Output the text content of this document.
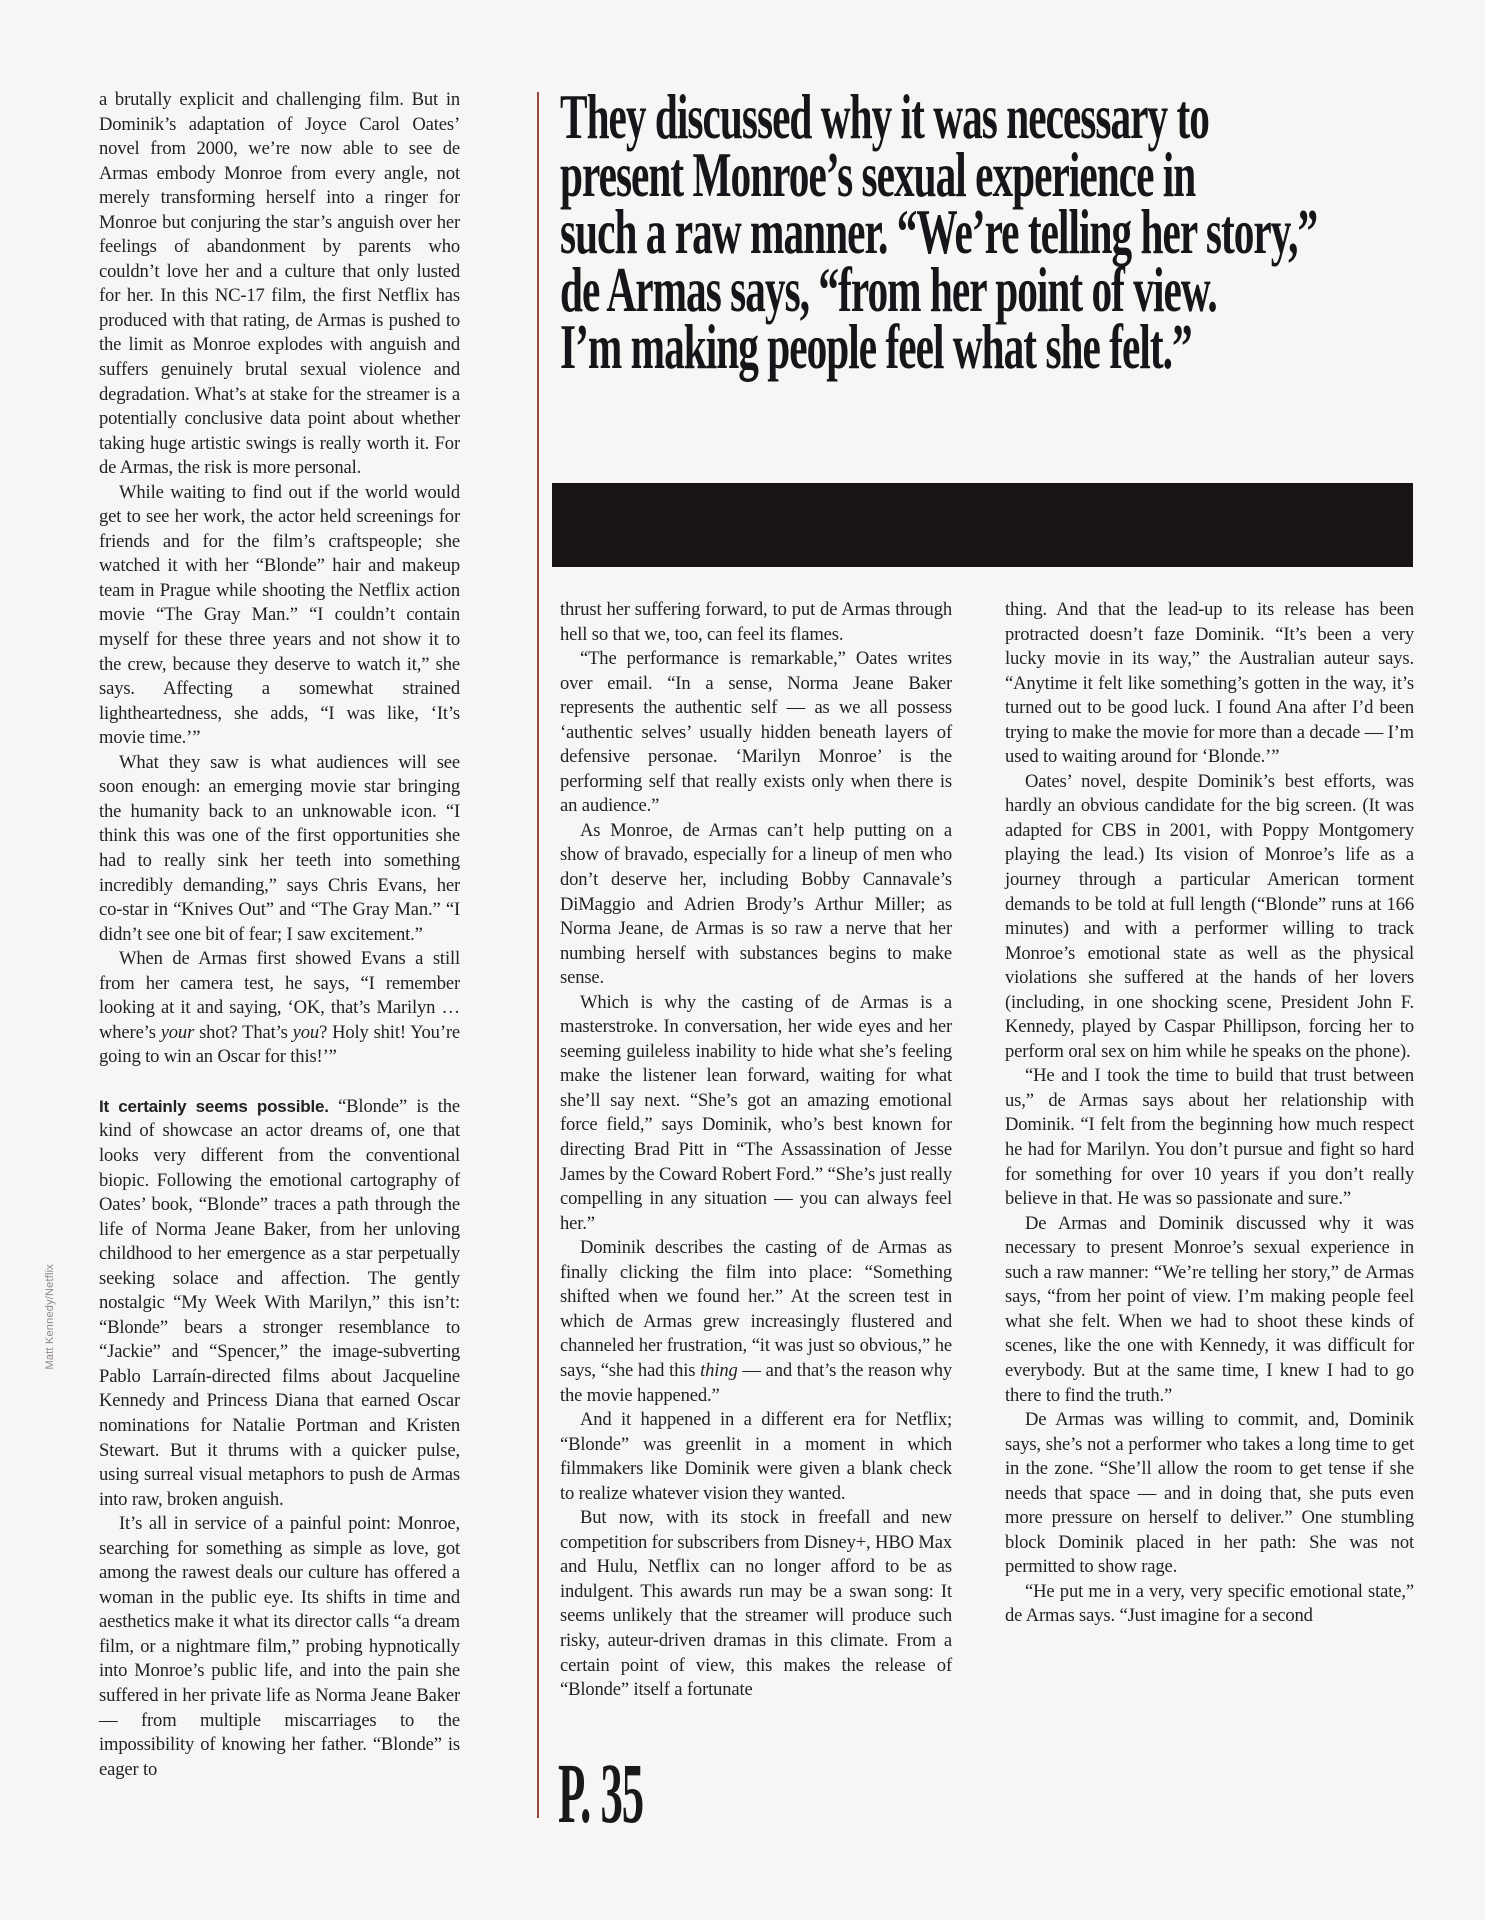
a brutally explicit and challenging film. But in Dominik’s adaptation of Joyce Carol Oates’ novel from 2000, we’re now able to see de Armas embody Monroe from every angle, not merely transforming herself into a ringer for Monroe but conjuring the star’s anguish over her feelings of abandonment by parents who couldn’t love her and a culture that only lusted for her. In this NC-17 film, the first Netflix has produced with that rating, de Armas is pushed to the limit as Monroe explodes with anguish and suffers genuinely brutal sexual violence and degradation. What’s at stake for the streamer is a potentially conclusive data point about whether taking huge artistic swings is really worth it. For de Armas, the risk is more personal.

While waiting to find out if the world would get to see her work, the actor held screenings for friends and for the film’s craftspeople; she watched it with her “Blonde” hair and makeup team in Prague while shooting the Netflix action movie “The Gray Man.” “I couldn’t contain myself for these three years and not show it to the crew, because they deserve to watch it,” she says. Affecting a somewhat strained lightheartedness, she adds, “I was like, ‘It’s movie time.’”

What they saw is what audiences will see soon enough: an emerging movie star bringing the humanity back to an unknowable icon. “I think this was one of the first opportunities she had to really sink her teeth into something incredibly demanding,” says Chris Evans, her co-star in “Knives Out” and “The Gray Man.” “I didn’t see one bit of fear; I saw excitement.”

When de Armas first showed Evans a still from her camera test, he says, “I remember looking at it and saying, ‘OK, that’s Marilyn … where’s your shot? That’s you? Holy shit! You’re going to win an Oscar for this!’”

It certainly seems possible. “Blonde” is the kind of showcase an actor dreams of, one that looks very different from the conventional biopic. Following the emotional cartography of Oates’ book, “Blonde” traces a path through the life of Norma Jeane Baker, from her unloving childhood to her emergence as a star perpetually seeking solace and affection. The gently nostalgic “My Week With Marilyn,” this isn’t: “Blonde” bears a stronger resemblance to “Jackie” and “Spencer,” the image-subverting Pablo Larraín-directed films about Jacqueline Kennedy and Princess Diana that earned Oscar nominations for Natalie Portman and Kristen Stewart. But it thrums with a quicker pulse, using surreal visual metaphors to push de Armas into raw, broken anguish.

It’s all in service of a painful point: Monroe, searching for something as simple as love, got among the rawest deals our culture has offered a woman in the public eye. Its shifts in time and aesthetics make it what its director calls “a dream film, or a nightmare film,” probing hypnotically into Monroe’s public life, and into the pain she suffered in her private life as Norma Jeane Baker — from multiple miscarriages to the impossibility of knowing her father. “Blonde” is eager to

They discussed why it was necessary to
present Monroe’s sexual experience in
such a raw manner. “We’re telling her story,”
de Armas says, “from her point of view.
I’m making people feel what she felt.”

thrust her suffering forward, to put de Armas through hell so that we, too, can feel its flames.

“The performance is remarkable,” Oates writes over email. “In a sense, Norma Jeane Baker represents the authentic self — as we all possess ‘authentic selves’ usually hidden beneath layers of defensive personae. ‘Marilyn Monroe’ is the performing self that really exists only when there is an audience.”

As Monroe, de Armas can’t help putting on a show of bravado, especially for a lineup of men who don’t deserve her, including Bobby Cannavale’s DiMaggio and Adrien Brody’s Arthur Miller; as Norma Jeane, de Armas is so raw a nerve that her numbing herself with substances begins to make sense.

Which is why the casting of de Armas is a masterstroke. In conversation, her wide eyes and her seeming guileless inability to hide what she’s feeling make the listener lean forward, waiting for what she’ll say next. “She’s got an amazing emotional force field,” says Dominik, who’s best known for directing Brad Pitt in “The Assassination of Jesse James by the Coward Robert Ford.” “She’s just really compelling in any situation — you can always feel her.”

Dominik describes the casting of de Armas as finally clicking the film into place: “Something shifted when we found her.” At the screen test in which de Armas grew increasingly flustered and channeled her frustration, “it was just so obvious,” he says, “she had this thing — and that’s the reason why the movie happened.”

And it happened in a different era for Netflix; “Blonde” was greenlit in a moment in which filmmakers like Dominik were given a blank check to realize whatever vision they wanted.

But now, with its stock in freefall and new competition for subscribers from Disney+, HBO Max and Hulu, Netflix can no longer afford to be as indulgent. This awards run may be a swan song: It seems unlikely that the streamer will produce such risky, auteur-driven dramas in this climate. From a certain point of view, this makes the release of “Blonde” itself a fortunate

thing. And that the lead-up to its release has been protracted doesn’t faze Dominik. “It’s been a very lucky movie in its way,” the Australian auteur says. “Anytime it felt like something’s gotten in the way, it’s turned out to be good luck. I found Ana after I’d been trying to make the movie for more than a decade — I’m used to waiting around for ‘Blonde.’”

Oates’ novel, despite Dominik’s best efforts, was hardly an obvious candidate for the big screen. (It was adapted for CBS in 2001, with Poppy Montgomery playing the lead.) Its vision of Monroe’s life as a journey through a particular American torment demands to be told at full length (“Blonde” runs at 166 minutes) and with a performer willing to track Monroe’s emotional state as well as the physical violations she suffered at the hands of her lovers (including, in one shocking scene, President John F. Kennedy, played by Caspar Phillipson, forcing her to perform oral sex on him while he speaks on the phone).

“He and I took the time to build that trust between us,” de Armas says about her relationship with Dominik. “I felt from the beginning how much respect he had for Marilyn. You don’t pursue and fight so hard for something for over 10 years if you don’t really believe in that. He was so passionate and sure.”

De Armas and Dominik discussed why it was necessary to present Monroe’s sexual experience in such a raw manner: “We’re telling her story,” de Armas says, “from her point of view. I’m making people feel what she felt. When we had to shoot these kinds of scenes, like the one with Kennedy, it was difficult for everybody. But at the same time, I knew I had to go there to find the truth.”

De Armas was willing to commit, and, Dominik says, she’s not a performer who takes a long time to get in the zone. “She’ll allow the room to get tense if she needs that space — and in doing that, she puts even more pressure on herself to deliver.” One stumbling block Dominik placed in her path: She was not permitted to show rage.

“He put me in a very, very specific emotional state,” de Armas says. “Just imagine for a second

P. 35
Matt Kennedy/Netflix
